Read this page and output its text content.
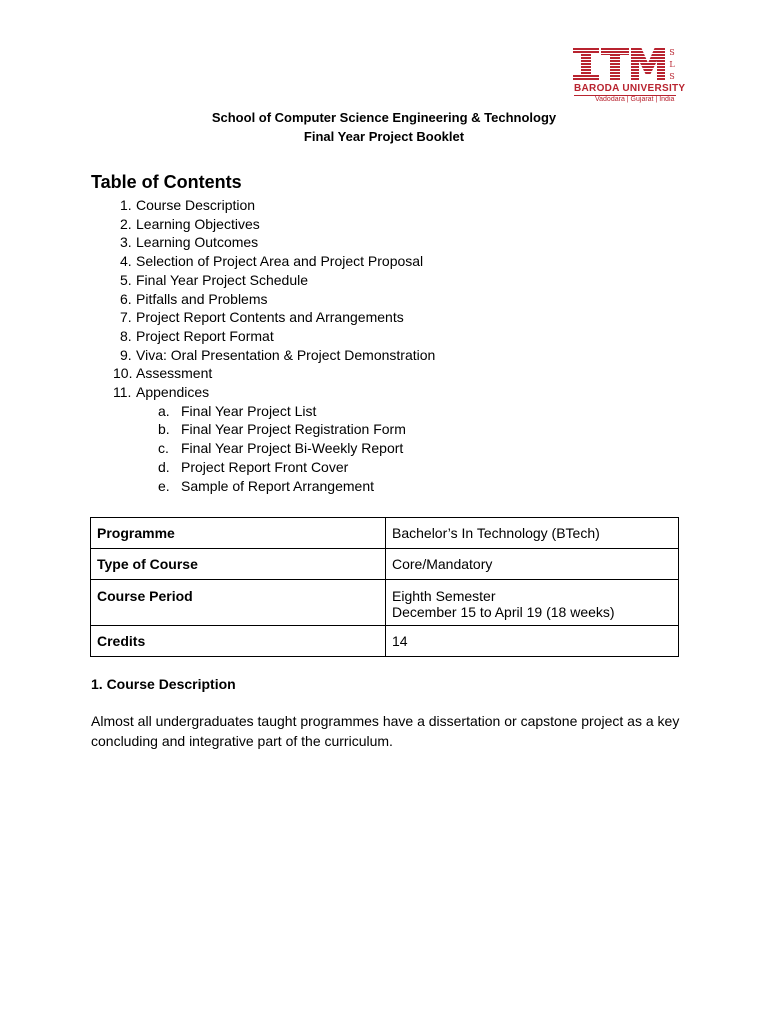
S
L
S
BARODA UNIVERSITY
Vadodara | Gujarat | India
School of Computer Science Engineering & Technology
Final Year Project Booklet
Table of Contents
1. Course Description
2. Learning Objectives
3. Learning Outcomes
4. Selection of Project Area and Project Proposal
5. Final Year Project Schedule
6. Pitfalls and Problems
7. Project Report Contents and Arrangements
8. Project Report Format
9. Viva: Oral Presentation & Project Demonstration
10. Assessment
11. Appendices
a. Final Year Project List
b. Final Year Project Registration Form
c. Final Year Project Bi-Weekly Report
d. Project Report Front Cover
e. Sample of Report Arrangement
Programme	Bachelor’s In Technology (BTech)
Type of Course	Core/Mandatory
Course Period	Eighth Semester
December 15 to April 19 (18 weeks)

Credits	14
1. Course Description
Almost all undergraduates taught programmes have a dissertation or capstone project as a key concluding and integrative part of the curriculum.
